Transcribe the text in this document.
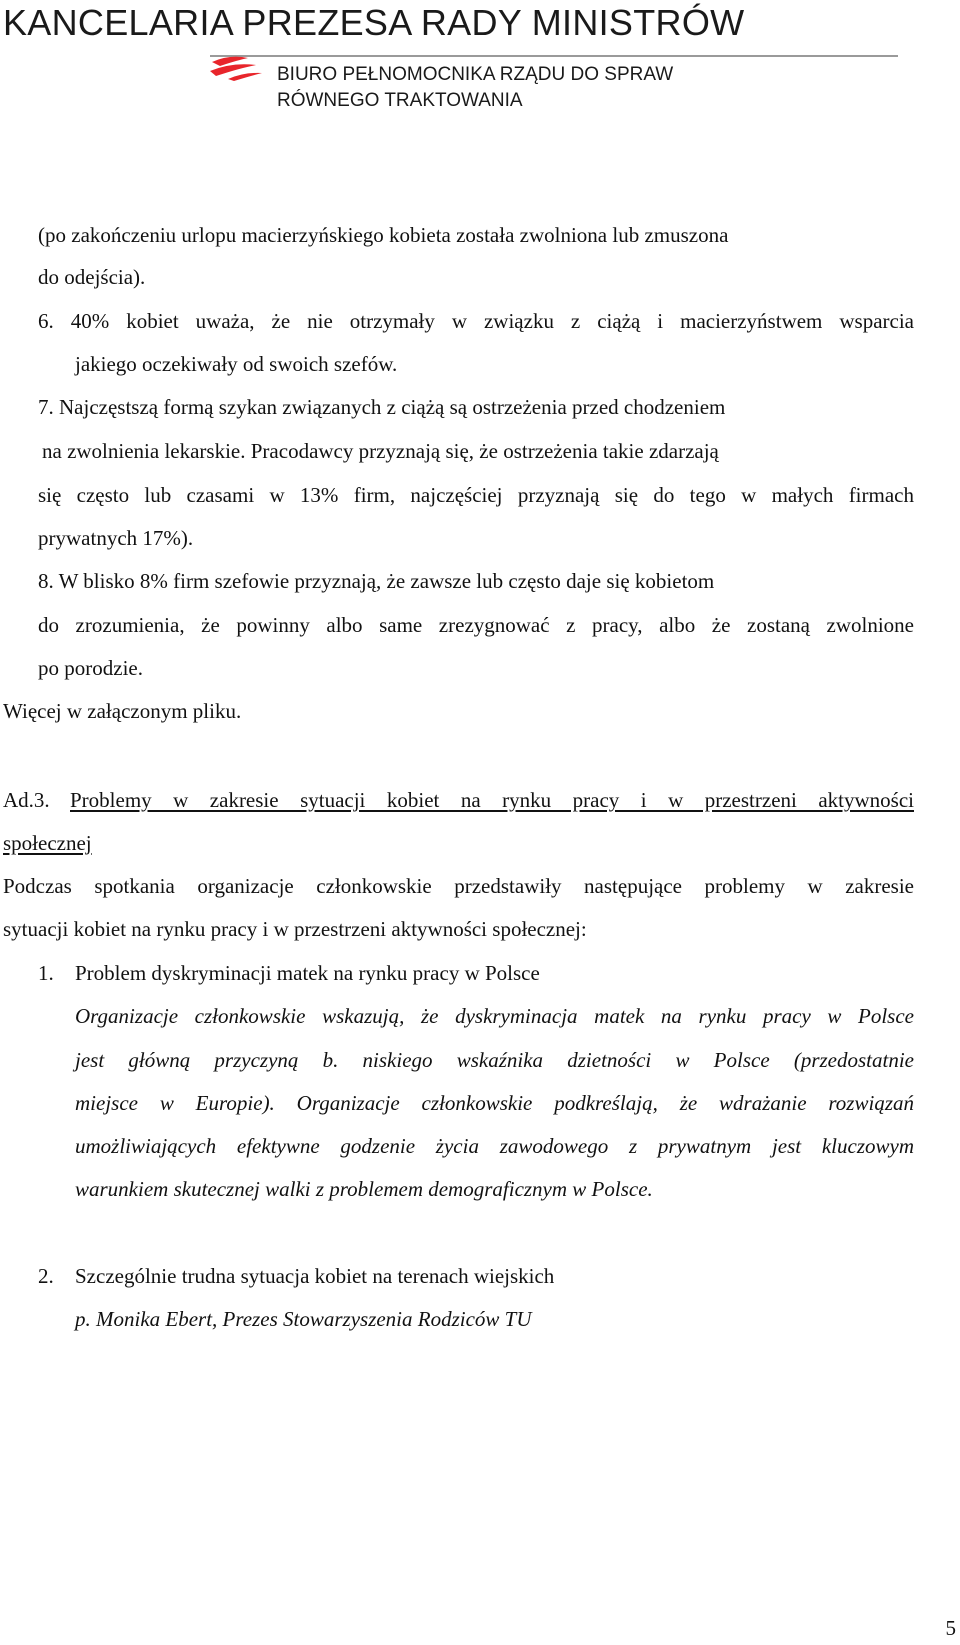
KANCELARIA PREZESA RADY MINISTRÓW
BIURO PEŁNOMOCNIKA RZĄDU DO SPRAW
RÓWNEGO TRAKTOWANIA
(po zakończeniu urlopu macierzyńskiego kobieta została zwolniona lub zmuszona
do odejścia).
6. 40% kobiet uważa, że nie otrzymały w związku z ciążą i macierzyństwem wsparcia
jakiego oczekiwały od swoich szefów.
7. Najczęstszą formą szykan związanych z ciążą są ostrzeżenia przed chodzeniem
na zwolnienia lekarskie. Pracodawcy przyznają się, że ostrzeżenia takie zdarzają
się często lub czasami w 13% firm, najczęściej przyznają się do tego w małych firmach
prywatnych 17%).
8. W blisko 8% firm szefowie przyznają, że zawsze lub często daje się kobietom
do zrozumienia, że powinny albo same zrezygnować z pracy, albo że zostaną zwolnione
po porodzie.
Więcej w załączonym pliku.
Ad.3. Problemy w zakresie sytuacji kobiet na rynku pracy i w przestrzeni aktywności
społecznej
Podczas spotkania organizacje członkowskie przedstawiły następujące problemy w zakresie
sytuacji kobiet na rynku pracy i w przestrzeni aktywności społecznej:
1. Problem dyskryminacji matek na rynku pracy w Polsce
Organizacje członkowskie wskazują, że dyskryminacja matek na rynku pracy w Polsce
jest główną przyczyną b. niskiego wskaźnika dzietności w Polsce (przedostatnie
miejsce w Europie). Organizacje członkowskie podkreślają, że wdrażanie rozwiązań
umożliwiających efektywne godzenie życia zawodowego z prywatnym jest kluczowym
warunkiem skutecznej walki z problemem demograficznym w Polsce.
2. Szczególnie trudna sytuacja kobiet na terenach wiejskich
p. Monika Ebert, Prezes Stowarzyszenia Rodziców TU
5
